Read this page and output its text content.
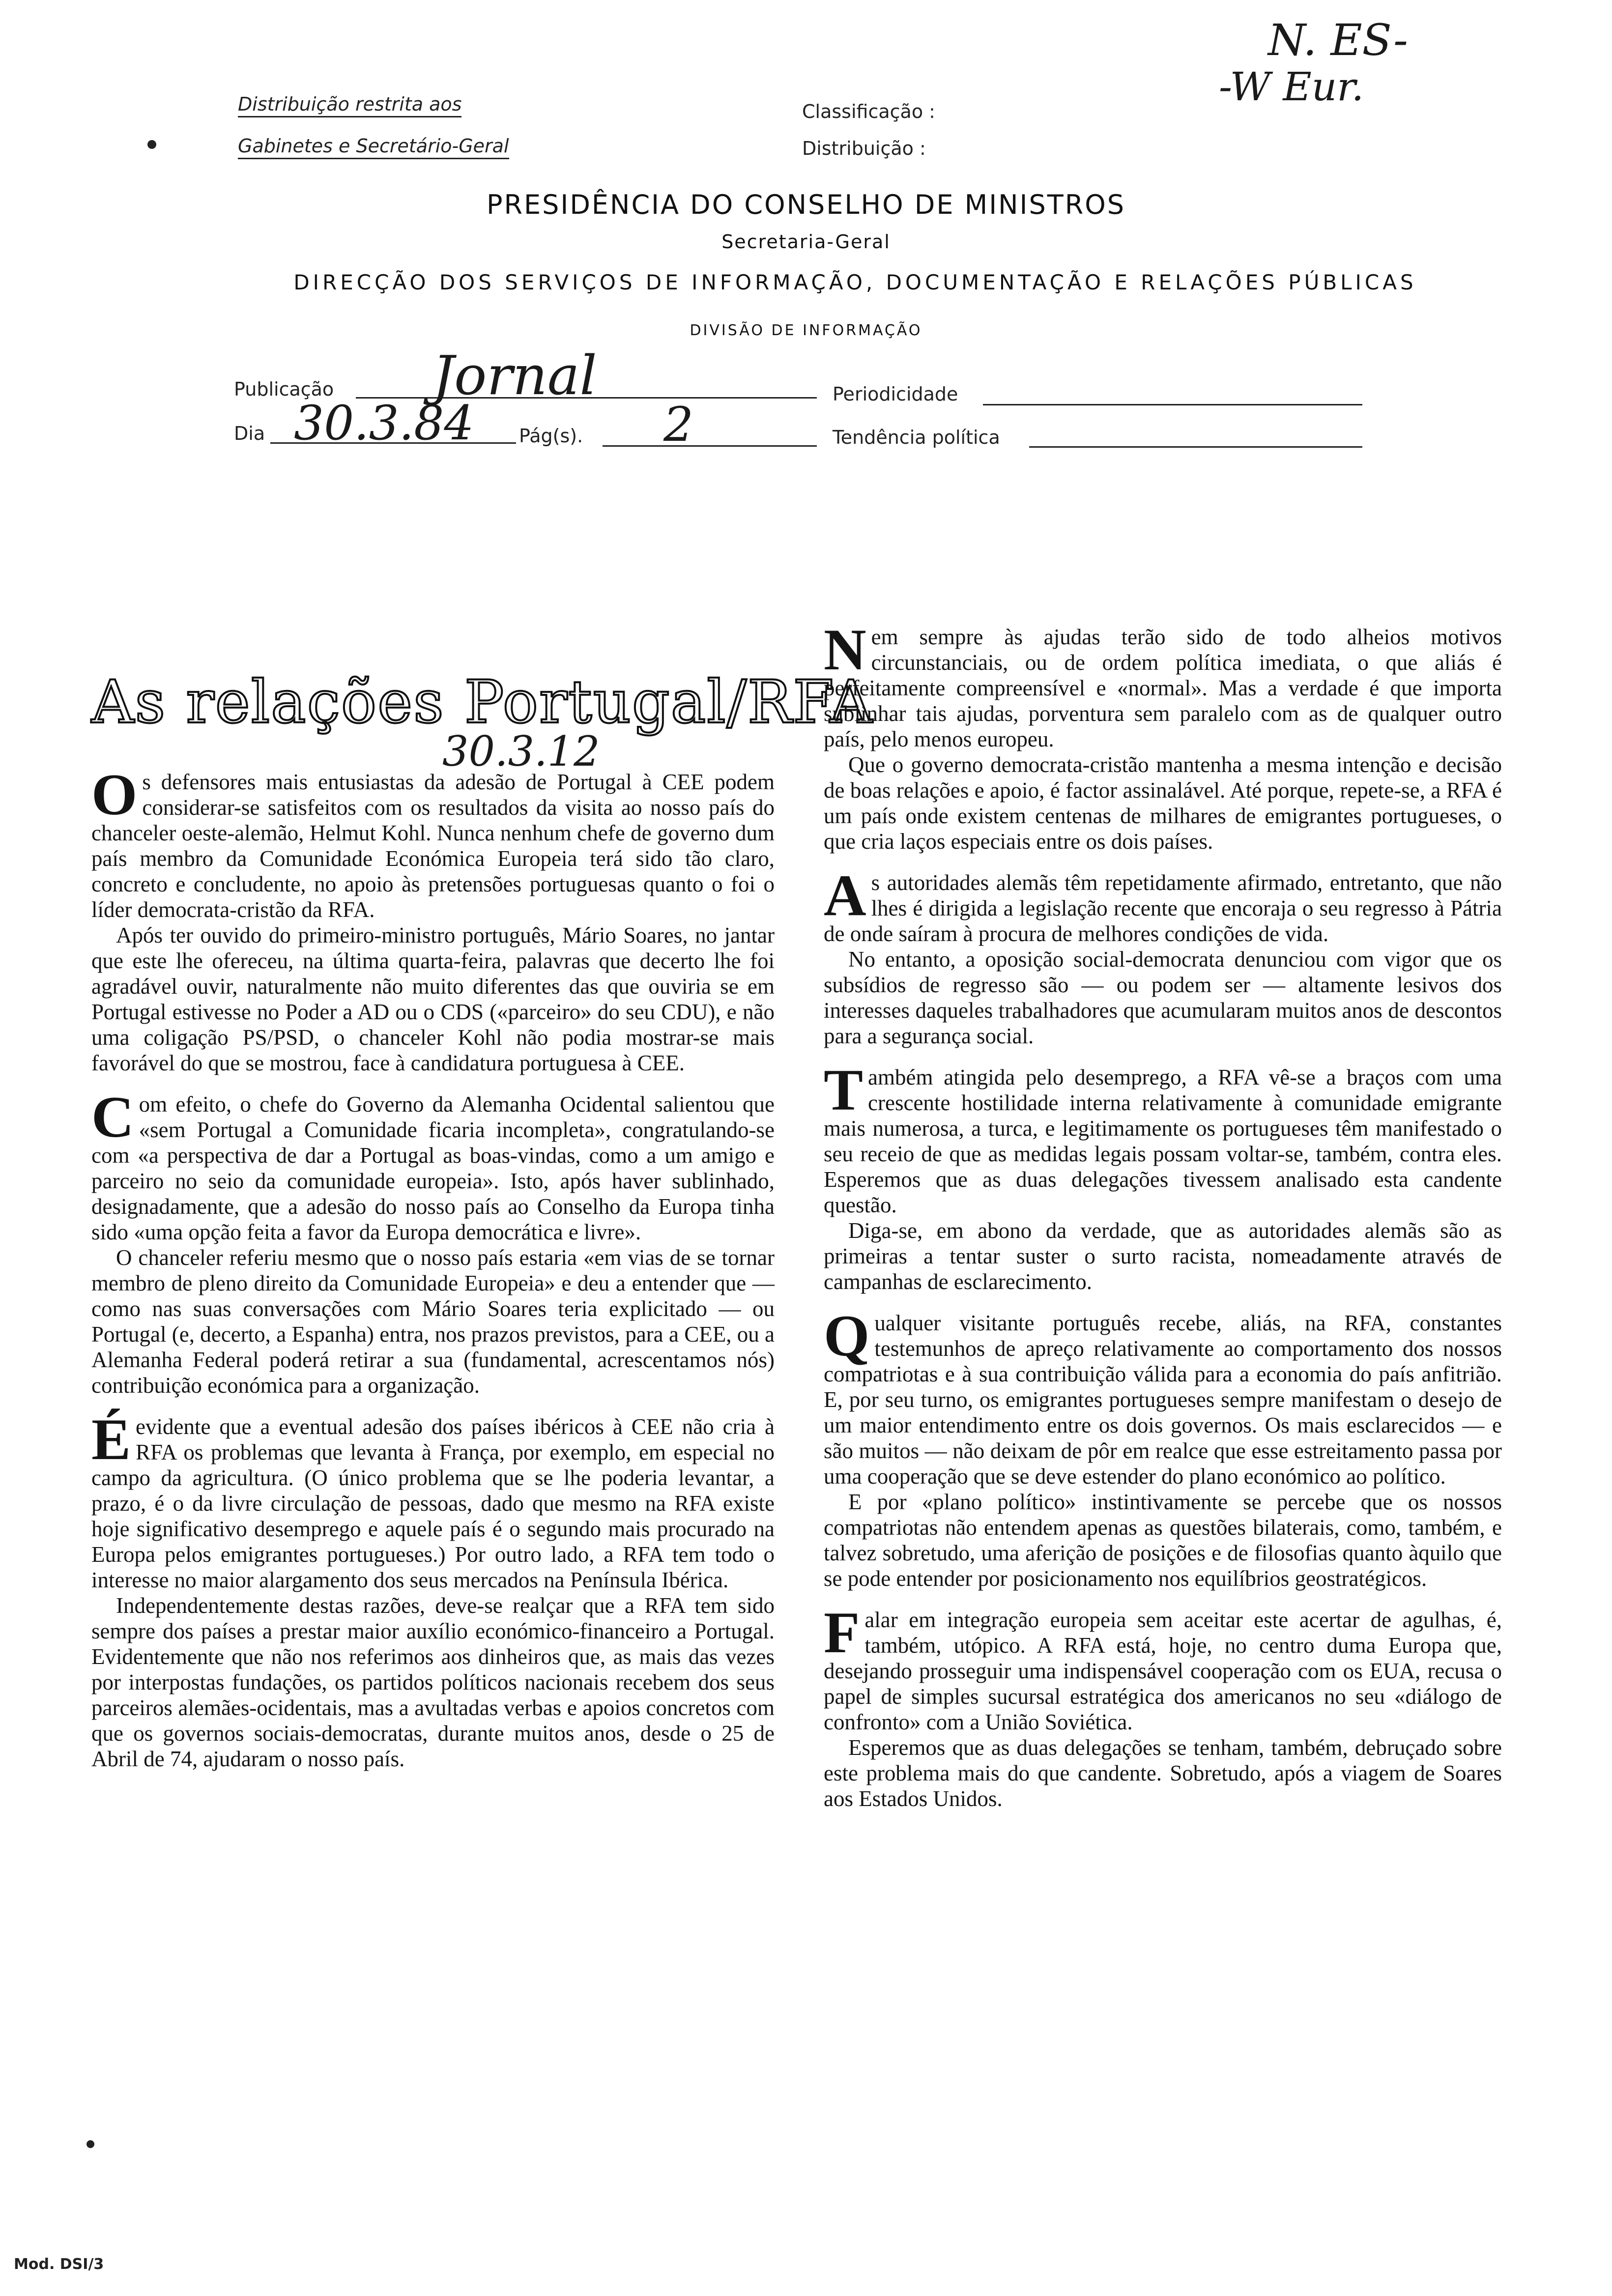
Distribuição restrita aos
Gabinetes e Secretário-Geral
Classificação :
Distribuição :
N. ES-
-W Eur.
PRESIDÊNCIA DO CONSELHO DE MINISTROS
Secretaria-Geral
DIRECÇÃO DOS SERVIÇOS DE INFORMAÇÃO, DOCUMENTAÇÃO E RELAÇÕES PÚBLICAS
DIVISÃO DE INFORMAÇÃO
Publicação Jornal	Periodicidade
Dia 30.3.84 Pág(s). 2	Tendência política
As relações Portugal/RFA
30.3.12

Os defensores mais entusiastas da adesão de Portugal à CEE podem considerar-se satisfeitos com os resultados da visita ao nosso país do chanceler oeste-alemão, Helmut Kohl. Nunca nenhum chefe de governo dum país membro da Comunidade Económica Europeia terá sido tão claro, concreto e concludente, no apoio às pretensões portuguesas quanto o foi o líder democrata-cristão da RFA.

Após ter ouvido do primeiro-ministro português, Mário Soares, no jantar que este lhe ofereceu, na última quarta-feira, palavras que decerto lhe foi agradável ouvir, naturalmente não muito diferentes das que ouviria se em Portugal estivesse no Poder a AD ou o CDS («parceiro» do seu CDU), e não uma coligação PS/PSD, o chanceler Kohl não podia mostrar-se mais favorável do que se mostrou, face à candidatura portuguesa à CEE.

Com efeito, o chefe do Governo da Alemanha Ocidental salientou que «sem Portugal a Comunidade ficaria incompleta», congratulando-se com «a perspectiva de dar a Portugal as boas-vindas, como a um amigo e parceiro no seio da comunidade europeia». Isto, após haver sublinhado, designadamente, que a adesão do nosso país ao Conselho da Europa tinha sido «uma opção feita a favor da Europa democrática e livre».

O chanceler referiu mesmo que o nosso país estaria «em vias de se tornar membro de pleno direito da Comunidade Europeia» e deu a entender que — como nas suas conversações com Mário Soares teria explicitado — ou Portugal (e, decerto, a Espanha) entra, nos prazos previstos, para a CEE, ou a Alemanha Federal poderá retirar a sua (fundamental, acrescentamos nós) contribuição económica para a organização.

É evidente que a eventual adesão dos países ibéricos à CEE não cria à RFA os problemas que levanta à França, por exemplo, em especial no campo da agricultura. (O único problema que se lhe poderia levantar, a prazo, é o da livre circulação de pessoas, dado que mesmo na RFA existe hoje significativo desemprego e aquele país é o segundo mais procurado na Europa pelos emigrantes portugueses.) Por outro lado, a RFA tem todo o interesse no maior alargamento dos seus mercados na Península Ibérica.

Independentemente destas razões, deve-se realçar que a RFA tem sido sempre dos países a prestar maior auxílio económico-financeiro a Portugal. Evidentemente que não nos referimos aos dinheiros que, as mais das vezes por interpostas fundações, os partidos políticos nacionais recebem dos seus parceiros alemães-ocidentais, mas a avultadas verbas e apoios concretos com que os governos sociais-democratas, durante muitos anos, desde o 25 de Abril de 74, ajudaram o nosso país.

Nem sempre às ajudas terão sido de todo alheios motivos circunstanciais, ou de ordem política imediata, o que aliás é perfeitamente compreensível e «normal». Mas a verdade é que importa sublinhar tais ajudas, porventura sem paralelo com as de qualquer outro país, pelo menos europeu.

Que o governo democrata-cristão mantenha a mesma intenção e decisão de boas relações e apoio, é factor assinalável. Até porque, repete-se, a RFA é um país onde existem centenas de milhares de emigrantes portugueses, o que cria laços especiais entre os dois países.

As autoridades alemãs têm repetidamente afirmado, entretanto, que não lhes é dirigida a legislação recente que encoraja o seu regresso à Pátria de onde saíram à procura de melhores condições de vida.

No entanto, a oposição social-democrata denunciou com vigor que os subsídios de regresso são — ou podem ser — altamente lesivos dos interesses daqueles trabalhadores que acumularam muitos anos de descontos para a segurança social.

Também atingida pelo desemprego, a RFA vê-se a braços com uma crescente hostilidade interna relativamente à comunidade emigrante mais numerosa, a turca, e legitimamente os portugueses têm manifestado o seu receio de que as medidas legais possam voltar-se, também, contra eles. Esperemos que as duas delegações tivessem analisado esta candente questão.

Diga-se, em abono da verdade, que as autoridades alemãs são as primeiras a tentar suster o surto racista, nomeadamente através de campanhas de esclarecimento.

Qualquer visitante português recebe, aliás, na RFA, constantes testemunhos de apreço relativamente ao comportamento dos nossos compatriotas e à sua contribuição válida para a economia do país anfitrião. E, por seu turno, os emigrantes portugueses sempre manifestam o desejo de um maior entendimento entre os dois governos. Os mais esclarecidos — e são muitos — não deixam de pôr em realce que esse estreitamento passa por uma cooperação que se deve estender do plano económico ao político.

E por «plano político» instintivamente se percebe que os nossos compatriotas não entendem apenas as questões bilaterais, como, também, e talvez sobretudo, uma aferição de posições e de filosofias quanto àquilo que se pode entender por posicionamento nos equilíbrios geostratégicos.

Falar em integração europeia sem aceitar este acertar de agulhas, é, também, utópico. A RFA está, hoje, no centro duma Europa que, desejando prosseguir uma indispensável cooperação com os EUA, recusa o papel de simples sucursal estratégica dos americanos no seu «diálogo de confronto» com a União Soviética.

Esperemos que as duas delegações se tenham, também, debruçado sobre este problema mais do que candente. Sobretudo, após a viagem de Soares aos Estados Unidos.

Mod. DSI/3
